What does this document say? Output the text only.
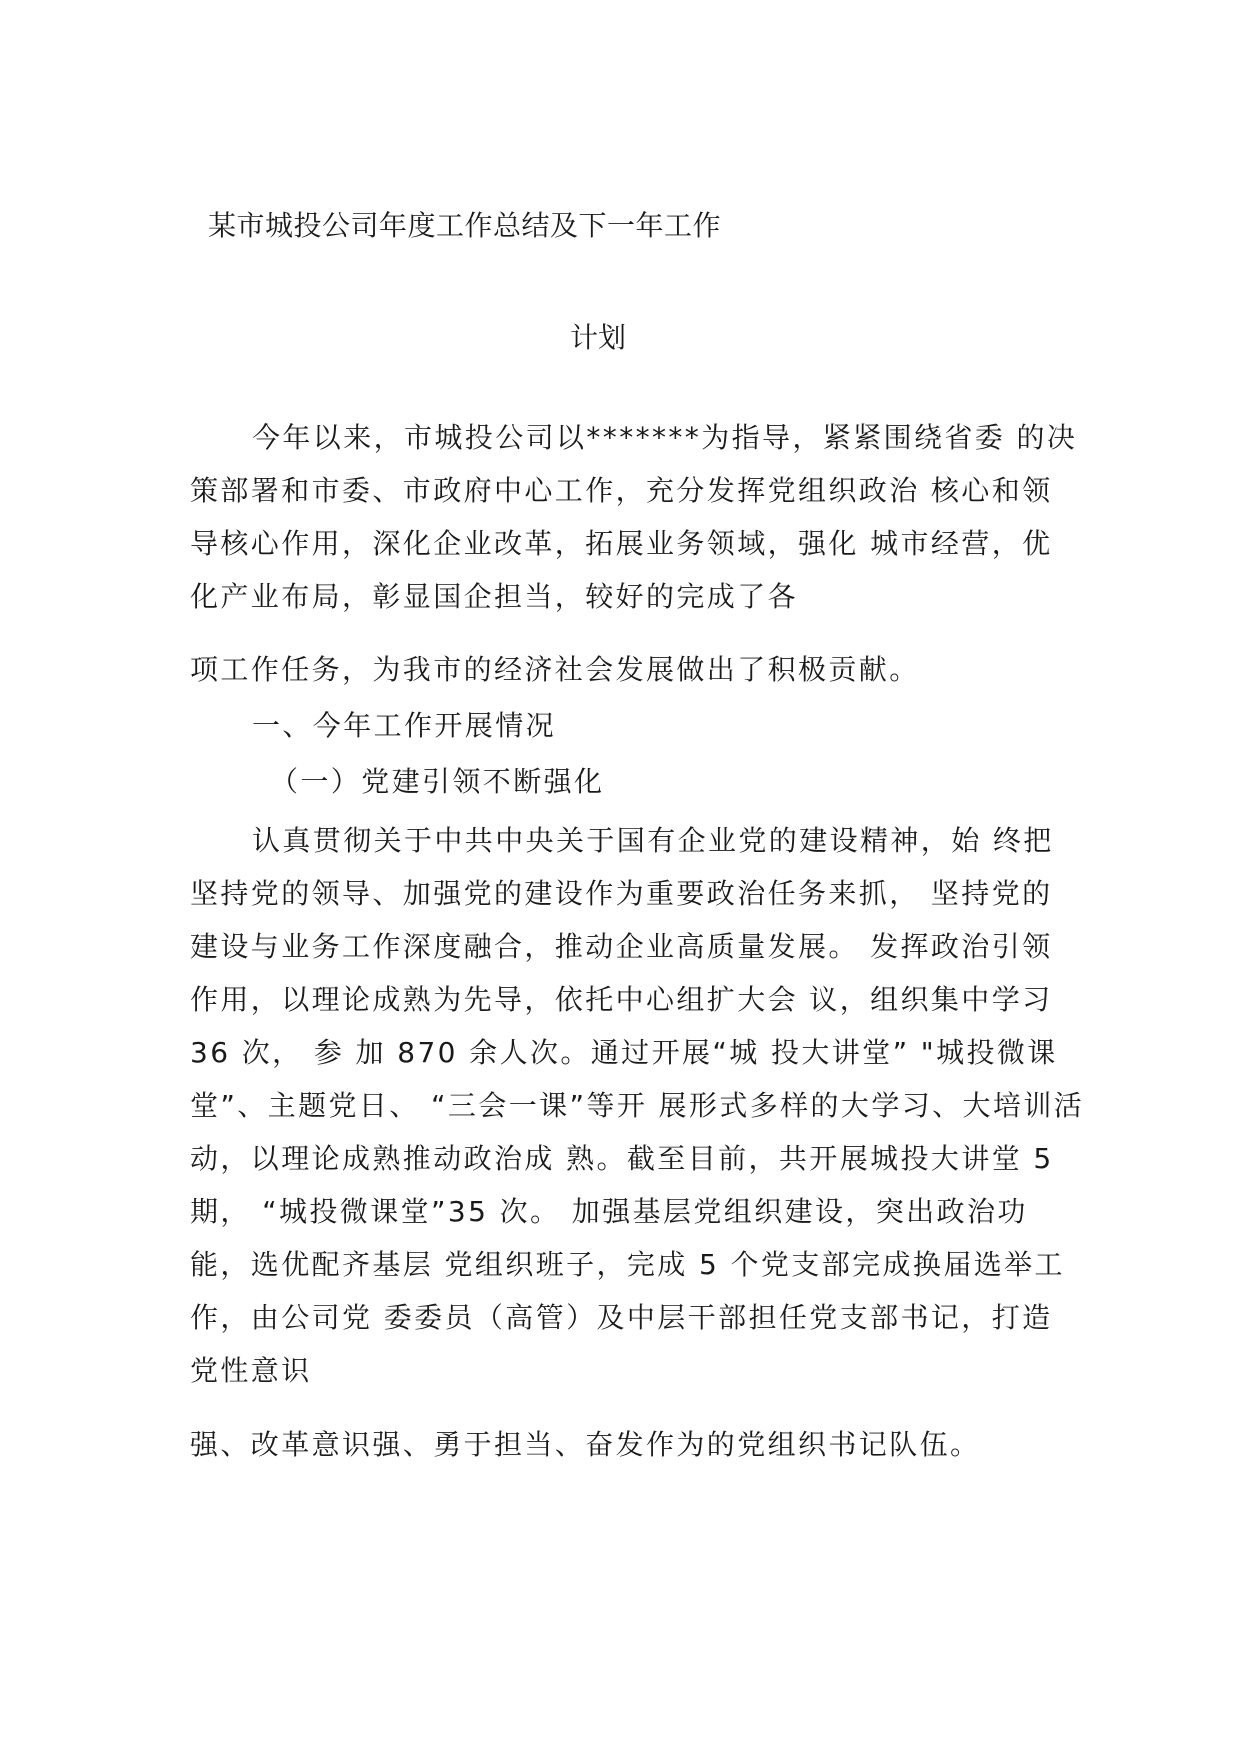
某市城投公司年度工作总结及下一年工作
计划
今年以来，市城投公司以*******为指导，紧紧围绕省委 的决
策部署和市委、市政府中心工作，充分发挥党组织政治 核心和领
导核心作用，深化企业改革，拓展业务领域，强化 城市经营，优
化产业布局，彰显国企担当，较好的完成了各
项工作任务，为我市的经济社会发展做出了积极贡献。
一、今年工作开展情况
（一）党建引领不断强化
认真贯彻关于中共中央关于国有企业党的建设精神，始 终把
坚持党的领导、加强党的建设作为重要政治任务来抓， 坚持党的
建设与业务工作深度融合，推动企业高质量发展。 发挥政治引领
作用，以理论成熟为先导，依托中心组扩大会 议，组织集中学习
36 次， 参 加 870 余人次。通过开展“城 投大讲堂” "城投微课
堂”、主题党日、 “三会一课”等开 展形式多样的大学习、大培训活
动，以理论成熟推动政治成 熟。截至目前，共开展城投大讲堂 5
期， “城投微课堂”35 次。 加强基层党组织建设，突出政治功
能，选优配齐基层 党组织班子，完成 5 个党支部完成换届选举工
作，由公司党 委委员（高管）及中层干部担任党支部书记，打造
党性意识
强、改革意识强、勇于担当、奋发作为的党组织书记队伍。
